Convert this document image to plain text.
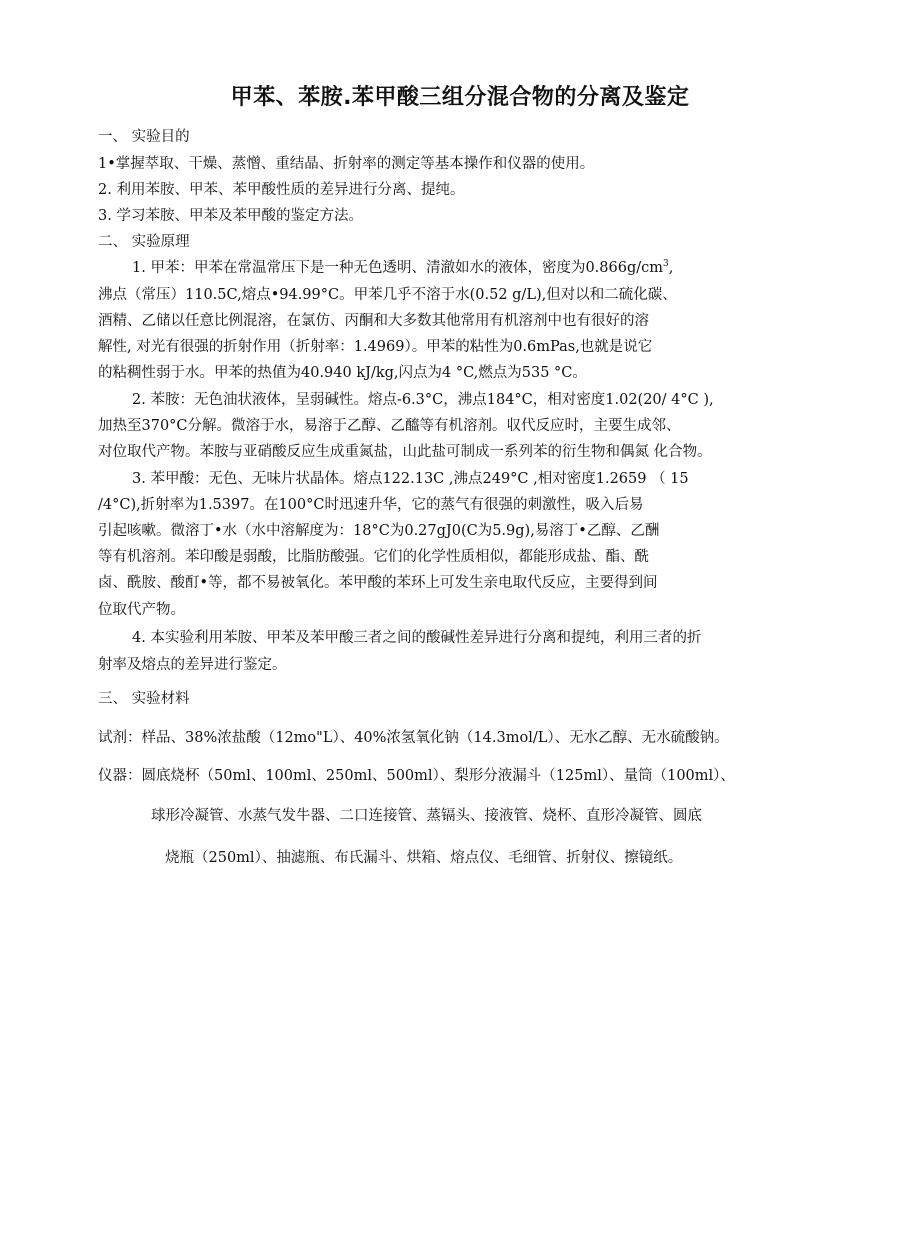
甲苯、苯胺.苯甲酸三组分混合物的分离及鉴定
一、 实验目的
1•掌握萃取、干燥、蒸憎、重结晶、折射率的测定等基本操作和仪器的使用。
2. 利用苯胺、甲苯、苯甲酸性质的差异进行分离、提纯。
3. 学习苯胺、甲苯及苯甲酸的鉴定方法。
二、 实验原理
1. 甲苯：甲苯在常温常压下是一种无色透明、清澈如水的液体，密度为$0.866g/cm^3$,
沸点（常压）110.5C,熔点•94.99°C。甲苯几乎不溶于水(0.52 g/L),但对以和二硫化碳、
酒精、乙储以任意比例混溶，在氯仿、丙酮和大多数其他常用有机溶剂中也有很好的溶
解性, 对光有很强的折射作用（折射率：1.4969）。甲苯的粘性为0.6mPas,也就是说它
的粘稠性弱于水。甲苯的热值为40.940 kJ/kg,闪点为4 °C,燃点为535 °C。
2. 苯胺：无色油状液体，呈弱碱性。熔点-6.3°C，沸点184°C，相对密度1.02(20/ 4°C ),
加热至370°C分解。微溶于水，易溶于乙醇、乙醯等有机溶剂。収代反应时，主要生成邻、
对位取代产物。苯胺与亚硝酸反应生成重氮盐，山此盐可制成一系列苯的衍生物和偶氮 化合物。
3. 苯甲酸：无色、无味片状晶体。熔点122.13C ,沸点249°C ,相对密度1.2659 （ 15
/4°C),折射率为1.5397。在100°C时迅速升华，它的蒸气有很强的刺激性，吸入后易
引起咳嗽。微溶丁•水（水中溶解度为：18°C为0.27gJ0(C为5.9g),易溶丁•乙醇、乙酬
等有机溶剂。苯印酸是弱酸，比脂肪酸强。它们的化学性质相似，都能形成盐、酯、酰
卤、酰胺、酸酊•等，都不易被氧化。苯甲酸的苯环上可发生亲电取代反应，主要得到间
位取代产物。
4. 本实验利用苯胺、甲苯及苯甲酸三者之间的酸碱性差异进行分离和提纯，利用三者的折
射率及熔点的差异进行鉴定。
三、 实验材料
试剂：样品、38%浓盐酸（12mo"L）、40%浓氢氧化钠（14.3mol/L）、无水乙醇、无水硫酸钠。
仪器：圆底烧杯（50ml、100ml、250ml、500ml）、梨形分液漏斗（125ml）、量筒（100ml）、
球形冷凝管、水蒸气发牛器、二口连接管、蒸镉头、接液管、烧杯、直形冷凝管、圆底
烧瓶（250ml）、抽滤瓶、布氏漏斗、烘箱、熔点仪、毛细管、折射仪、擦镜纸。
